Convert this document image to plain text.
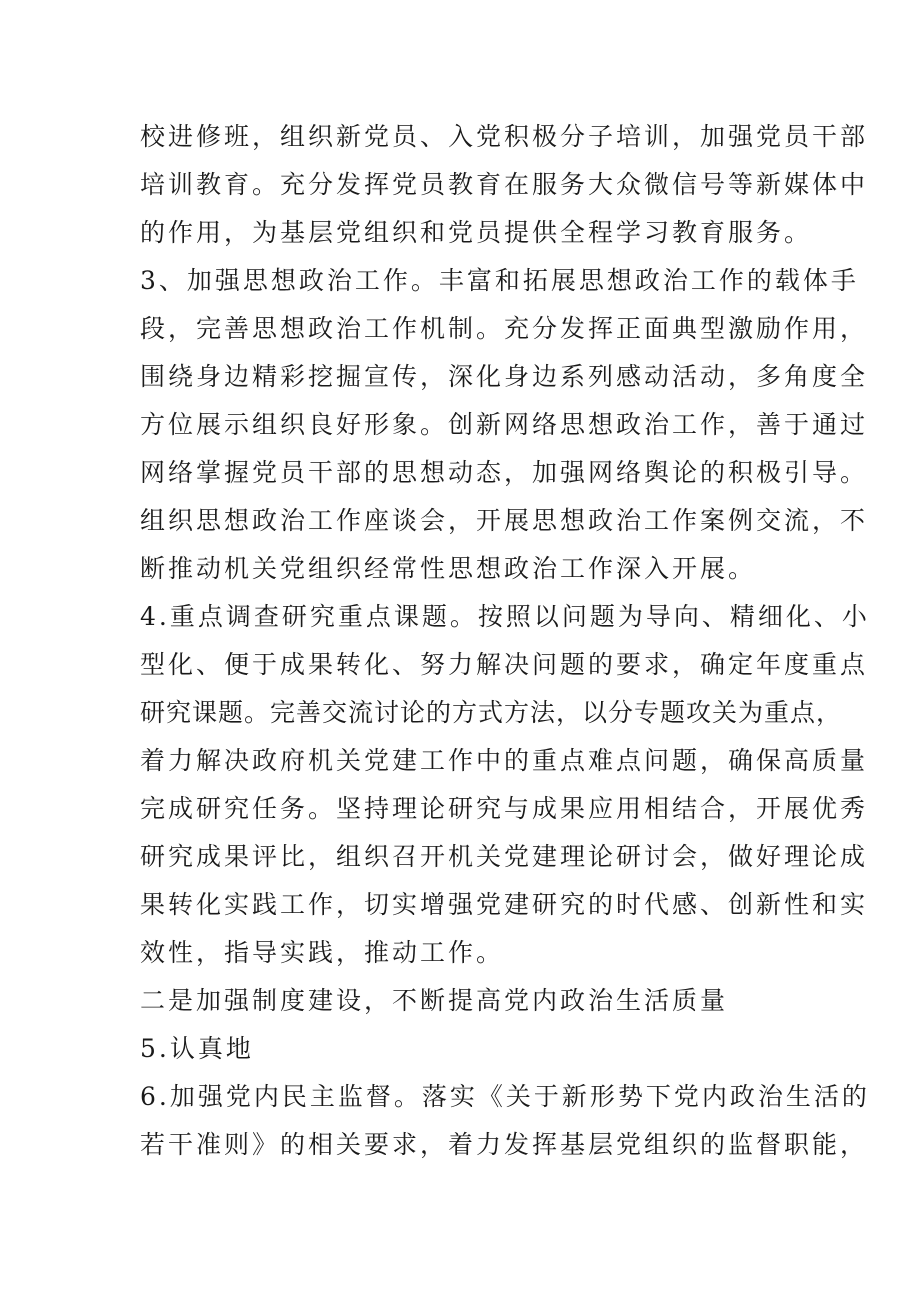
校进修班，组织新党员、入党积极分子培训，加强党员干部
培训教育。充分发挥党员教育在服务大众微信号等新媒体中
的作用，为基层党组织和党员提供全程学习教育服务。
3、加强思想政治工作。丰富和拓展思想政治工作的载体手
段，完善思想政治工作机制。充分发挥正面典型激励作用，
围绕身边精彩挖掘宣传，深化身边系列感动活动，多角度全
方位展示组织良好形象。创新网络思想政治工作，善于通过
网络掌握党员干部的思想动态，加强网络舆论的积极引导。
组织思想政治工作座谈会，开展思想政治工作案例交流，不
断推动机关党组织经常性思想政治工作深入开展。
4.重点调查研究重点课题。按照以问题为导向、精细化、小
型化、便于成果转化、努力解决问题的要求，确定年度重点
研究课题。完善交流讨论的方式方法，以分专题攻关为重点，
着力解决政府机关党建工作中的重点难点问题，确保高质量
完成研究任务。坚持理论研究与成果应用相结合，开展优秀
研究成果评比，组织召开机关党建理论研讨会，做好理论成
果转化实践工作，切实增强党建研究的时代感、创新性和实
效性，指导实践，推动工作。
二是加强制度建设，不断提高党内政治生活质量
5.认真地
6.加强党内民主监督。落实《关于新形势下党内政治生活的
若干准则》的相关要求，着力发挥基层党组织的监督职能，
